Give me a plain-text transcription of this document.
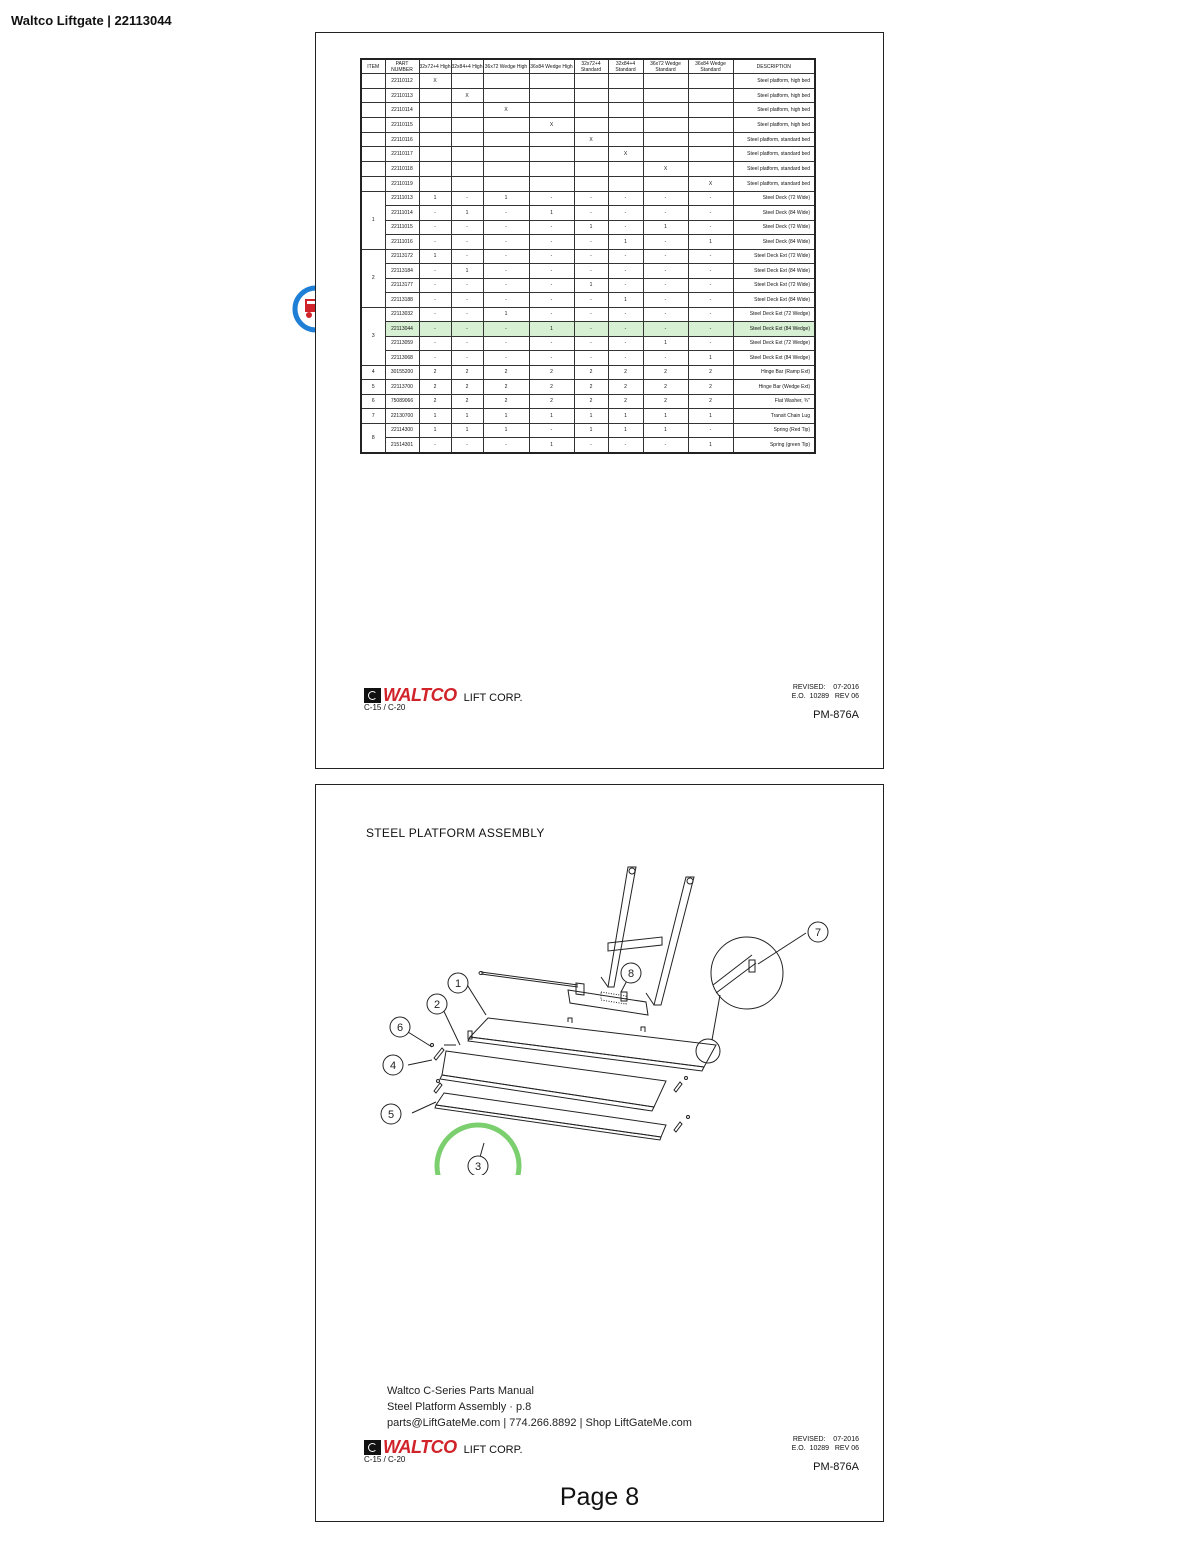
Waltco Liftgate | 22113044
ITEM	PART NUMBER	32x72+4 High	32x84+4 High	36x72 Wedge High	36x84 Wedge High	32x72+4 Standard	32x84+4 Standard	36x72 Wedge Standard	36x84 Wedge Standard	DESCRIPTION
	22110112	X								Steel platform, high bed
	22110113		X							Steel platform, high bed
	22110114			X						Steel platform, high bed
	22110115				X					Steel platform, high bed
	22110116					X				Steel platform, standard bed
	22110117						X			Steel platform, standard bed
	22110118							X		Steel platform, standard bed
	22110119								X	Steel platform, standard bed
1	22111013	1	-	1	-	-	-	-	-	Steel Deck (72 Wide)
	22111014	-	1	-	1	-	-	-	-	Steel Deck (84 Wide)
	22111015	-	-	-	-	1	-	1	-	Steel Deck (72 Wide)
	22111016	-	-	-	-	-	1	-	1	Steel Deck (84 Wide)
2	22113172	1	-	-	-	-	-	-	-	Steel Deck Ext (72 Wide)
	22113184	-	1	-	-	-	-	-	-	Steel Deck Ext (84 Wide)
	22113177	-	-	-	-	1	-	-	-	Steel Deck Ext (72 Wide)
	22113188	-	-	-	-	-	1	-	-	Steel Deck Ext (84 Wide)
3	22113032	-	-	1	-	-	-	-	-	Steel Deck Ext (72 Wedge)
	22113044	-	-	-	1	-	-	-	-	Steel Deck Ext (84 Wedge)
	22113059	-	-	-	-	-	-	1	-	Steel Deck Ext (72 Wedge)
	22113068	-	-	-	-	-	-	-	1	Steel Deck Ext (84 Wedge)
4	30155200	2	2	2	2	2	2	2	2	Hinge Bar (Ramp Ext)
5	22113700	2	2	2	2	2	2	2	2	Hinge Bar (Wedge Ext)
6	75089066	2	2	2	2	2	2	2	2	Flat Washer, ¾"
7	22130700	1	1	1	1	1	1	1	1	Transit Chain Lug
8	22114300	1	1	1	-	1	1	1	-	Spring (Red Tip)
	21514301	-	-	-	1	-	-	-	1	Spring (green Tip)
WALTCO LIFT CORP.
C-15 / C-20
REVISED: 07-2016
E.O. 10289 REV 06
PM-876A
STEEL PLATFORM ASSEMBLY
1
2
6
4
5
3
8
7
Waltco C-Series Parts Manual
Steel Platform Assembly · p.8
parts@LiftGateMe.com | 774.266.8892 | Shop LiftGateMe.com
WALTCO LIFT CORP.
C-15 / C-20
REVISED: 07-2016
E.O. 10289 REV 06
PM-876A
Page 8
